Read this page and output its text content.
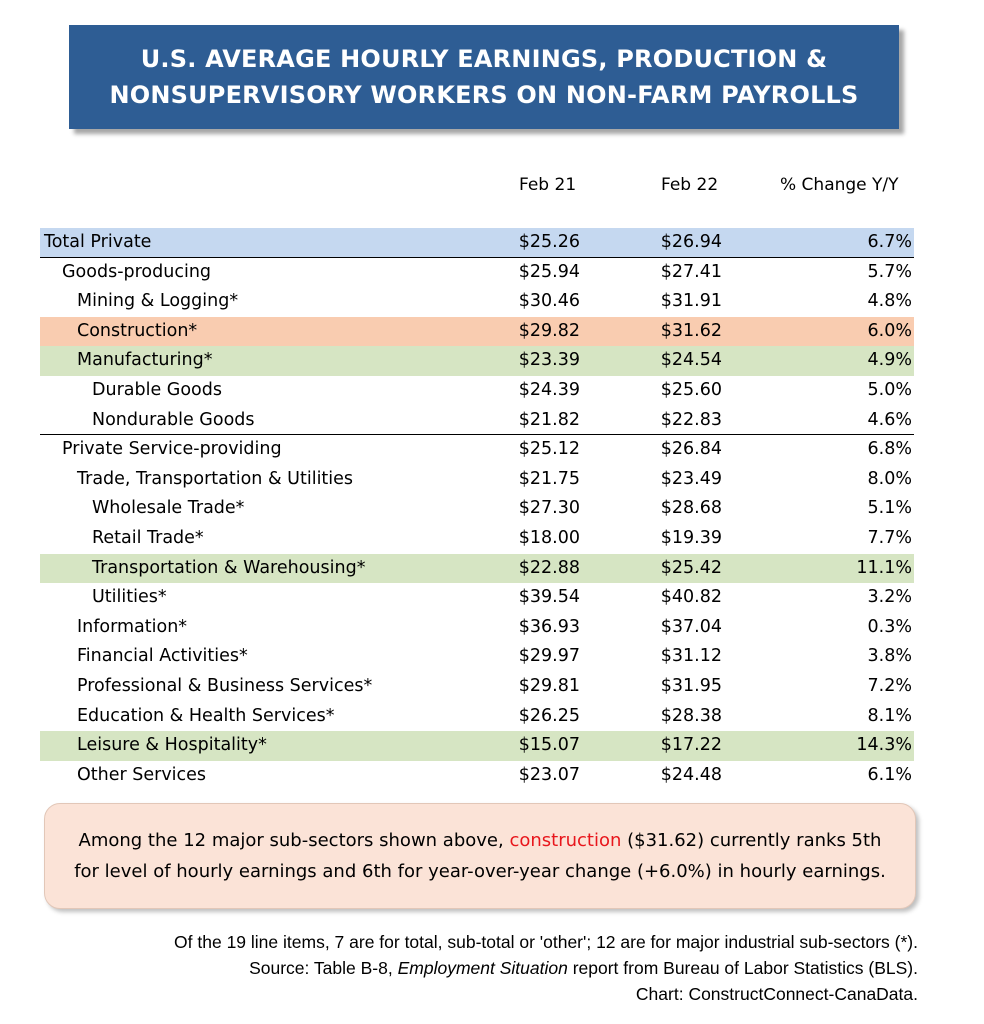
U.S. AVERAGE HOURLY EARNINGS, PRODUCTION &
NONSUPERVISORY WORKERS ON NON-FARM PAYROLLS
Feb 21	Feb 22	% Change Y/Y
Total Private	$25.26	$26.94	6.7%
Goods-producing	$25.94	$27.41	5.7%
Mining & Logging*	$30.46	$31.91	4.8%
Construction*	$29.82	$31.62	6.0%
Manufacturing*	$23.39	$24.54	4.9%
Durable Goods	$24.39	$25.60	5.0%
Nondurable Goods	$21.82	$22.83	4.6%
Private Service-providing	$25.12	$26.84	6.8%
Trade, Transportation & Utilities	$21.75	$23.49	8.0%
Wholesale Trade*	$27.30	$28.68	5.1%
Retail Trade*	$18.00	$19.39	7.7%
Transportation & Warehousing*	$22.88	$25.42	11.1%
Utilities*	$39.54	$40.82	3.2%
Information*	$36.93	$37.04	0.3%
Financial Activities*	$29.97	$31.12	3.8%
Professional & Business Services*	$29.81	$31.95	7.2%
Education & Health Services*	$26.25	$28.38	8.1%
Leisure & Hospitality*	$15.07	$17.22	14.3%
Other Services	$23.07	$24.48	6.1%
Among the 12 major sub-sectors shown above, construction ($31.62) currently ranks 5th
for level of hourly earnings and 6th for year-over-year change (+6.0%) in hourly earnings.
Of the 19 line items, 7 are for total, sub-total or 'other'; 12 are for major industrial sub-sectors (*).
Source: Table B-8, Employment Situation report from Bureau of Labor Statistics (BLS).
Chart: ConstructConnect-CanaData.
